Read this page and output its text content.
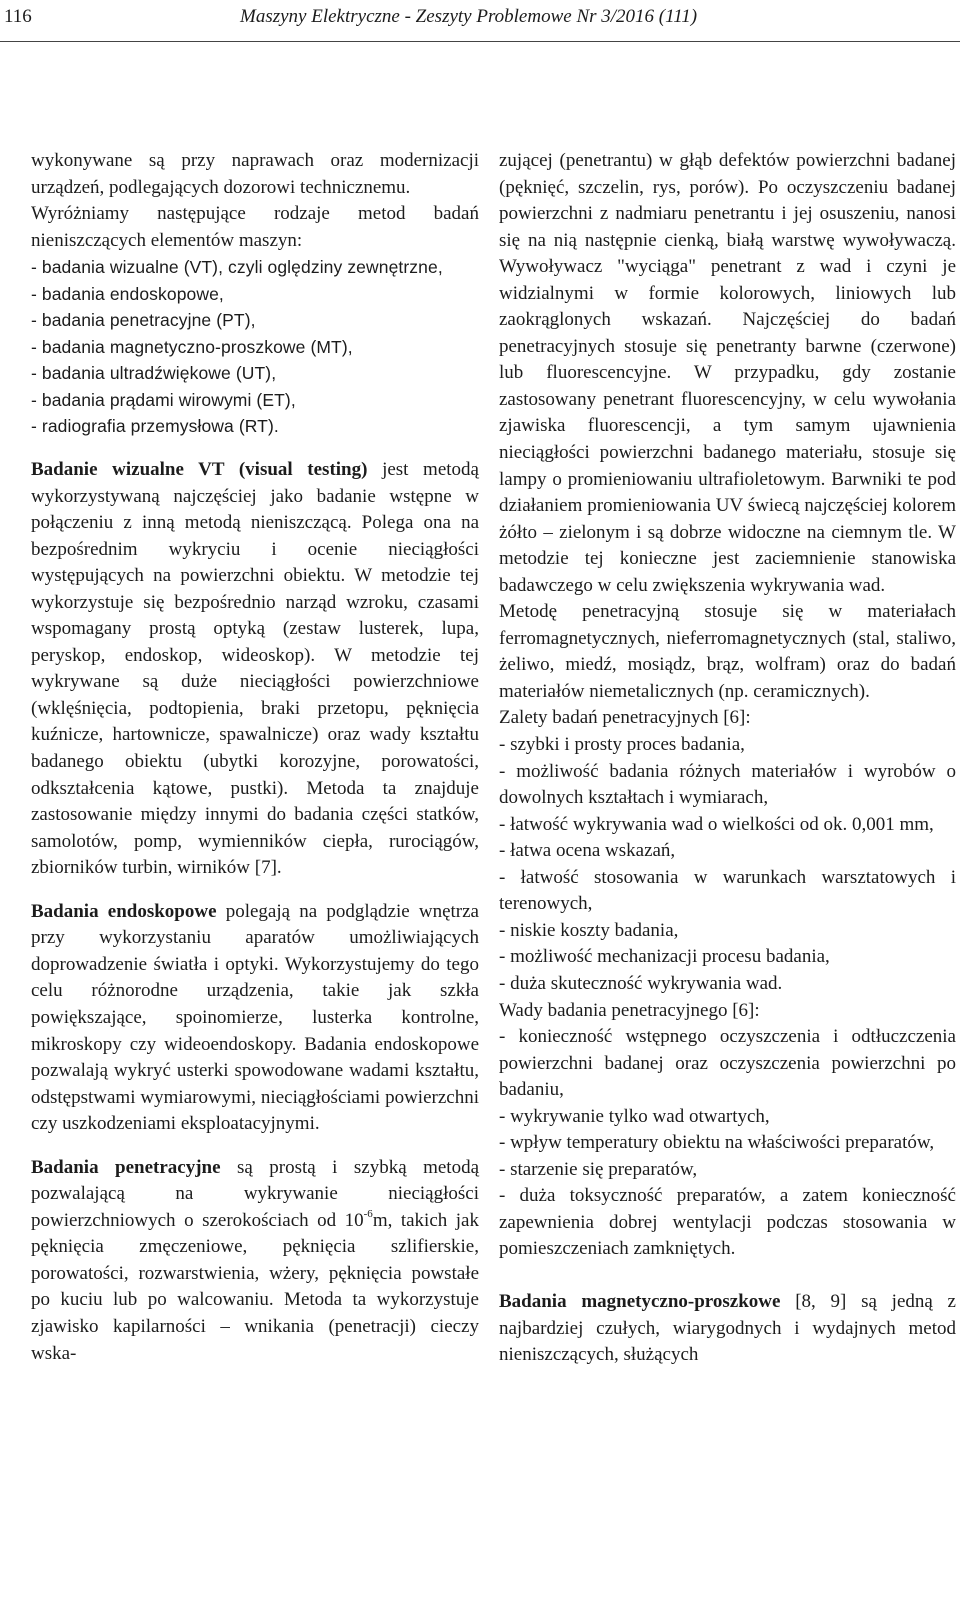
116	Maszyny Elektryczne - Zeszyty Problemowe Nr 3/2016 (111)

wykonywane są przy naprawach oraz modernizacji urządzeń, podlegających dozorowi technicznemu.

Wyróżniamy następujące rodzaje metod badań nieniszczących elementów maszyn:

- badania wizualne (VT), czyli oględziny zewnętrzne,
- badania endoskopowe,
- badania penetracyjne (PT),
- badania magnetyczno-proszkowe (MT),
- badania ultradźwiękowe (UT),
- badania prądami wirowymi (ET),
- radiografia przemysłowa (RT).

Badanie wizualne VT (visual testing) jest metodą wykorzystywaną najczęściej jako badanie wstępne w połączeniu z inną metodą nieniszczącą. Polega ona na bezpośrednim wykryciu i ocenie nieciągłości występujących na powierzchni obiektu. W metodzie tej wykorzystuje się bezpośrednio narząd wzroku, czasami wspomagany prostą optyką (zestaw lusterek, lupa, peryskop, endoskop, wideoskop). W metodzie tej wykrywane są duże nieciągłości powierzchniowe (wklęśnięcia, podtopienia, braki przetopu, pęknięcia kuźnicze, hartownicze, spawalnicze) oraz wady kształtu badanego obiektu (ubytki korozyjne, porowatości, odkształcenia kątowe, pustki). Metoda ta znajduje zastosowanie między innymi do badania części statków, samolotów, pomp, wymienników ciepła, rurociągów, zbiorników turbin, wirników [7].

Badania endoskopowe polegają na podglądzie wnętrza przy wykorzystaniu aparatów umożliwiających doprowadzenie światła i optyki. Wykorzystujemy do tego celu różnorodne urządzenia, takie jak szkła powiększające, spoinomierze, lusterka kontrolne, mikroskopy czy wideoendoskopy. Badania endoskopowe pozwalają wykryć usterki spowodowane wadami kształtu, odstępstwami wymiarowymi, nieciągłościami powierzchni czy uszkodzeniami eksploatacyjnymi.

Badania penetracyjne są prostą i szybką metodą pozwalającą na wykrywanie nieciągłości powierzchniowych o szerokościach od $10^{-6}m$, takich jak pęknięcia zmęczeniowe, pęknięcia szlifierskie, porowatości, rozwarstwienia, wżery, pęknięcia powstałe po kuciu lub po walcowaniu. Metoda ta wykorzystuje zjawisko kapilarności – wnikania (penetracji) cieczy wska-

zującej (penetrantu) w głąb defektów powierzchni badanej (pęknięć, szczelin, rys, porów). Po oczyszczeniu badanej powierzchni z nadmiaru penetrantu i jej osuszeniu, nanosi się na nią następnie cienką, białą warstwę wywoływaczą. Wywoływacz "wyciąga" penetrant z wad i czyni je widzialnymi w formie kolorowych, liniowych lub zaokrąglonych wskazań. Najczęściej do badań penetracyjnych stosuje się penetranty barwne (czerwone) lub fluorescencyjne. W przypadku, gdy zostanie zastosowany penetrant fluorescencyjny, w celu wywołania zjawiska fluorescencji, a tym samym ujawnienia nieciągłości powierzchni badanego materiału, stosuje się lampy o promieniowaniu ultrafioletowym. Barwniki te pod działaniem promieniowania UV świecą najczęściej kolorem żółto – zielonym i są dobrze widoczne na ciemnym tle. W metodzie tej konieczne jest zaciemnienie stanowiska badawczego w celu zwiększenia wykrywania wad.

Metodę penetracyjną stosuje się w materiałach ferromagnetycznych, nieferromagnetycznych (stal, staliwo, żeliwo, miedź, mosiądz, brąz, wolfram) oraz do badań materiałów niemetalicznych (np. ceramicznych).

Zalety badań penetracyjnych [6]:

- szybki i prosty proces badania,

- możliwość badania różnych materiałów i wyrobów o dowolnych kształtach i wymiarach,

- łatwość wykrywania wad o wielkości od ok. 0,001 mm,

- łatwa ocena wskazań,

- łatwość stosowania w warunkach warsztatowych i terenowych,

- niskie koszty badania,

- możliwość mechanizacji procesu badania,

- duża skuteczność wykrywania wad.

Wady badania penetracyjnego [6]:

- konieczność wstępnego oczyszczenia i odtłuczczenia powierzchni badanej oraz oczyszczenia powierzchni po badaniu,

- wykrywanie tylko wad otwartych,

- wpływ temperatury obiektu na właściwości preparatów,

- starzenie się preparatów,

- duża toksyczność preparatów, a zatem konieczność zapewnienia dobrej wentylacji podczas stosowania w pomieszczeniach zamkniętych.

Badania magnetyczno-proszkowe [8, 9] są jedną z najbardziej czułych, wiarygodnych i wydajnych metod nieniszczących, służących
